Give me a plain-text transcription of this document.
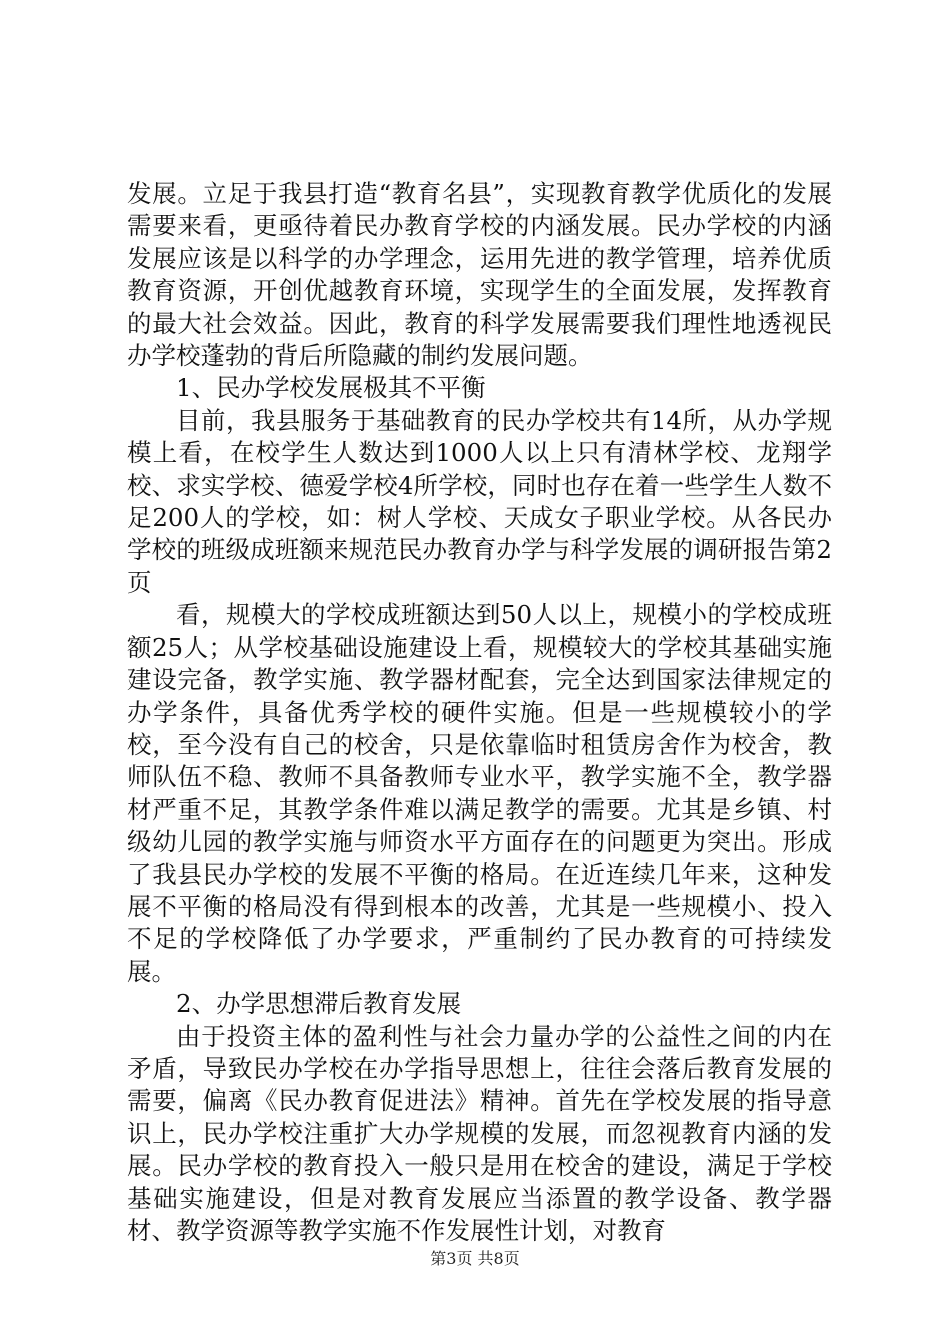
发展。立足于我县打造“教育名县”，实现教育教学优质化的发展需要来看，更亟待着民办教育学校的内涵发展。民办学校的内涵发展应该是以科学的办学理念，运用先进的教学管理，培养优质教育资源，开创优越教育环境，实现学生的全面发展，发挥教育的最大社会效益。因此，教育的科学发展需要我们理性地透视民办学校蓬勃的背后所隐藏的制约发展问题。

1、民办学校发展极其不平衡

目前，我县服务于基础教育的民办学校共有14所，从办学规模上看，在校学生人数达到1000人以上只有清林学校、龙翔学校、求实学校、德爱学校4所学校，同时也存在着一些学生人数不足200人的学校，如：树人学校、天成女子职业学校。从各民办学校的班级成班额来规范民办教育办学与科学发展的调研报告第2页

看，规模大的学校成班额达到50人以上，规模小的学校成班额25人；从学校基础设施建设上看，规模较大的学校其基础实施建设完备，教学实施、教学器材配套，完全达到国家法律规定的办学条件，具备优秀学校的硬件实施。但是一些规模较小的学校，至今没有自己的校舍，只是依靠临时租赁房舍作为校舍，教师队伍不稳、教师不具备教师专业水平，教学实施不全，教学器材严重不足，其教学条件难以满足教学的需要。尤其是乡镇、村级幼儿园的教学实施与师资水平方面存在的问题更为突出。形成了我县民办学校的发展不平衡的格局。在近连续几年来，这种发展不平衡的格局没有得到根本的改善，尤其是一些规模小、投入不足的学校降低了办学要求，严重制约了民办教育的可持续发展。

2、办学思想滞后教育发展

由于投资主体的盈利性与社会力量办学的公益性之间的内在矛盾，导致民办学校在办学指导思想上，往往会落后教育发展的需要，偏离《民办教育促进法》精神。首先在学校发展的指导意识上，民办学校注重扩大办学规模的发展，而忽视教育内涵的发展。民办学校的教育投入一般只是用在校舍的建设，满足于学校基础实施建设，但是对教育发展应当添置的教学设备、教学器材、教学资源等教学实施不作发展性计划，对教育

第3页 共8页
